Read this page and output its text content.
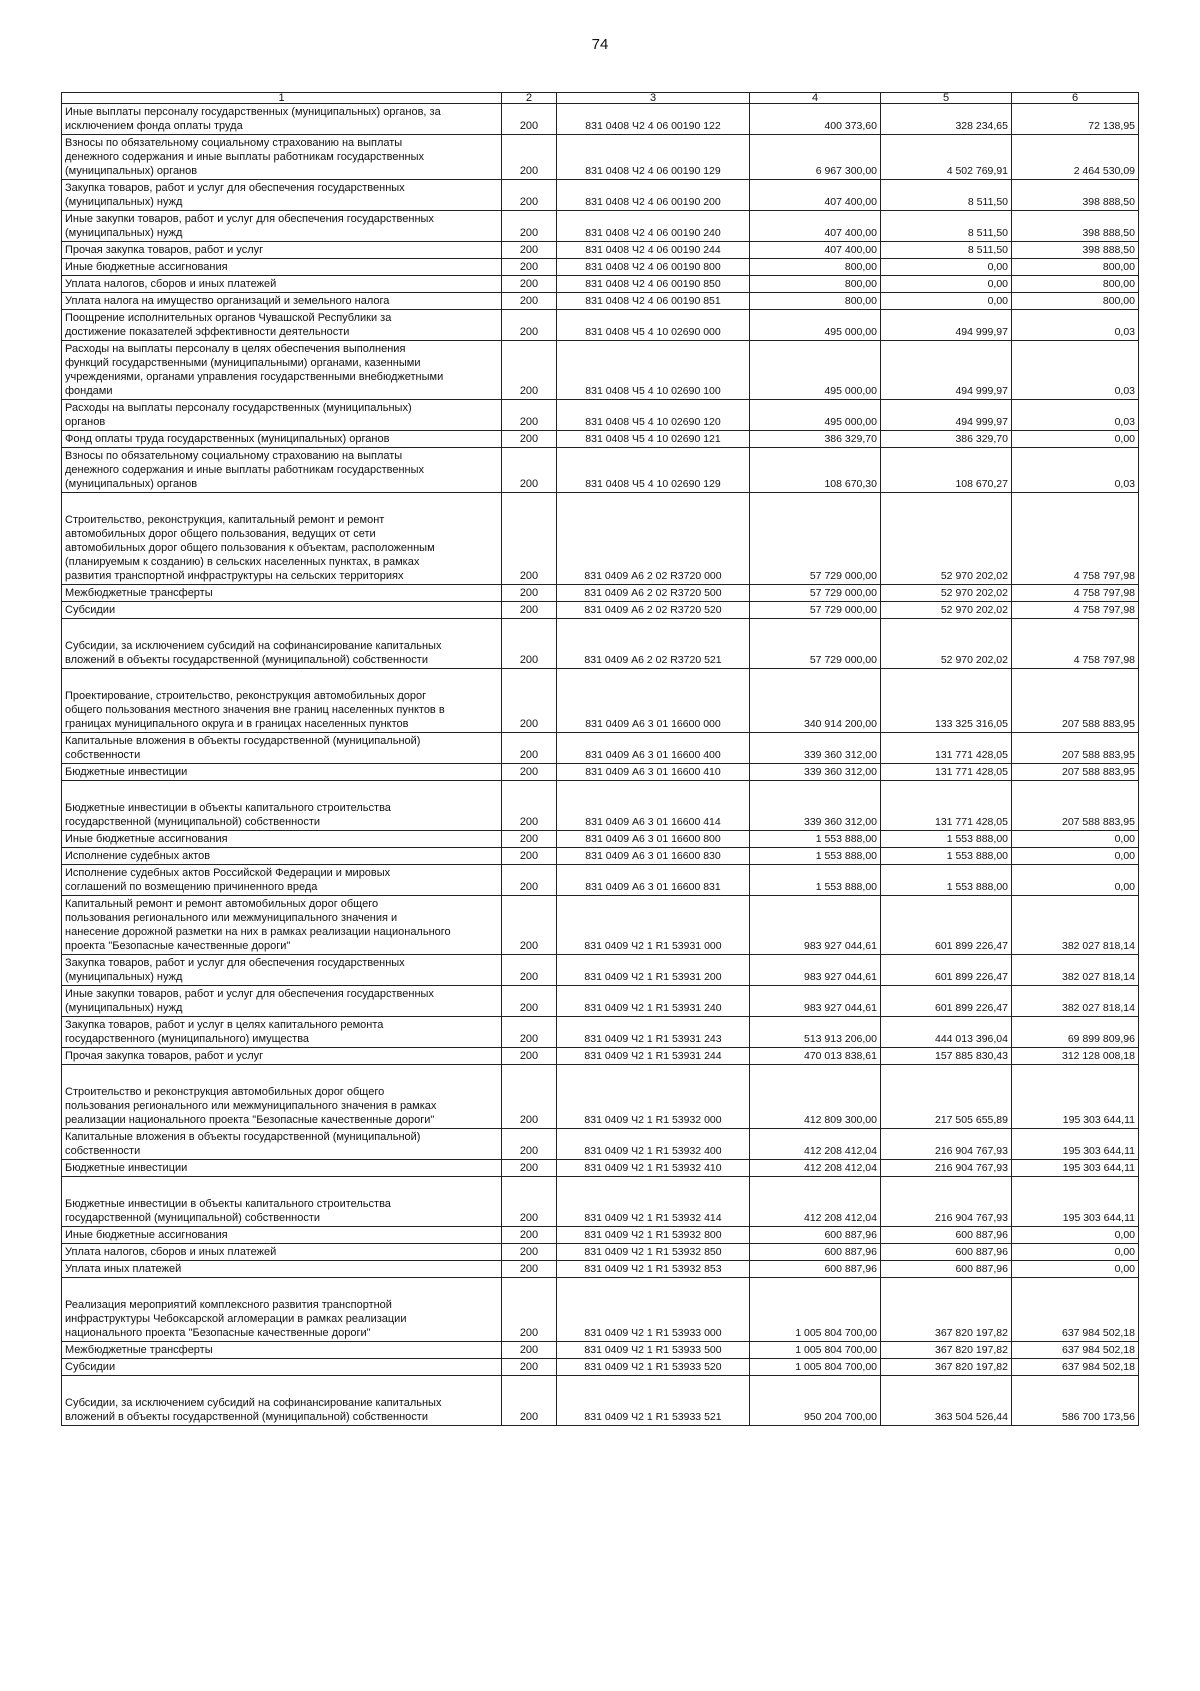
74
1	2	3	4	5	6
Иные выплаты персоналу государственных (муниципальных) органов, за
исключением фонда оплаты труда	200	831 0408 Ч2 4 06 00190 122	400 373,60	328 234,65	72 138,95
Взносы по обязательному социальному страхованию на выплаты
денежного содержания и иные выплаты работникам государственных
(муниципальных) органов	200	831 0408 Ч2 4 06 00190 129	6 967 300,00	4 502 769,91	2 464 530,09
Закупка товаров, работ и услуг для обеспечения государственных
(муниципальных) нужд	200	831 0408 Ч2 4 06 00190 200	407 400,00	8 511,50	398 888,50
Иные закупки товаров, работ и услуг для обеспечения государственных
(муниципальных) нужд	200	831 0408 Ч2 4 06 00190 240	407 400,00	8 511,50	398 888,50
Прочая закупка товаров, работ и услуг	200	831 0408 Ч2 4 06 00190 244	407 400,00	8 511,50	398 888,50
Иные бюджетные ассигнования	200	831 0408 Ч2 4 06 00190 800	800,00	0,00	800,00
Уплата налогов, сборов и иных платежей	200	831 0408 Ч2 4 06 00190 850	800,00	0,00	800,00
Уплата налога на имущество организаций и земельного налога	200	831 0408 Ч2 4 06 00190 851	800,00	0,00	800,00
Поощрение исполнительных органов Чувашской Республики за
достижение показателей эффективности деятельности	200	831 0408 Ч5 4 10 02690 000	495 000,00	494 999,97	0,03
Расходы на выплаты персоналу в целях обеспечения выполнения
функций государственными (муниципальными) органами, казенными
учреждениями, органами управления государственными внебюджетными
фондами	200	831 0408 Ч5 4 10 02690 100	495 000,00	494 999,97	0,03
Расходы на выплаты персоналу государственных (муниципальных)
органов	200	831 0408 Ч5 4 10 02690 120	495 000,00	494 999,97	0,03
Фонд оплаты труда государственных (муниципальных) органов	200	831 0408 Ч5 4 10 02690 121	386 329,70	386 329,70	0,00
Взносы по обязательному социальному страхованию на выплаты
денежного содержания и иные выплаты работникам государственных
(муниципальных) органов	200	831 0408 Ч5 4 10 02690 129	108 670,30	108 670,27	0,03
Строительство, реконструкция, капитальный ремонт и ремонт
автомобильных дорог общего пользования, ведущих от сети
автомобильных дорог общего пользования к объектам, расположенным
(планируемым к созданию) в сельских населенных пунктах, в рамках
развития транспортной инфраструктуры на сельских территориях	200	831 0409 А6 2 02 R3720 000	57 729 000,00	52 970 202,02	4 758 797,98
Межбюджетные трансферты	200	831 0409 А6 2 02 R3720 500	57 729 000,00	52 970 202,02	4 758 797,98
Субсидии	200	831 0409 А6 2 02 R3720 520	57 729 000,00	52 970 202,02	4 758 797,98
Субсидии, за исключением субсидий на софинансирование капитальных
вложений в объекты государственной (муниципальной) собственности	200	831 0409 А6 2 02 R3720 521	57 729 000,00	52 970 202,02	4 758 797,98
Проектирование, строительство, реконструкция автомобильных дорог
общего пользования местного значения вне границ населенных пунктов в
границах муниципального округа и в границах населенных пунктов	200	831 0409 А6 3 01 16600 000	340 914 200,00	133 325 316,05	207 588 883,95
Капитальные вложения в объекты государственной (муниципальной)
собственности	200	831 0409 А6 3 01 16600 400	339 360 312,00	131 771 428,05	207 588 883,95
Бюджетные инвестиции	200	831 0409 А6 3 01 16600 410	339 360 312,00	131 771 428,05	207 588 883,95
Бюджетные инвестиции в объекты капитального строительства
государственной (муниципальной) собственности	200	831 0409 А6 3 01 16600 414	339 360 312,00	131 771 428,05	207 588 883,95
Иные бюджетные ассигнования	200	831 0409 А6 3 01 16600 800	1 553 888,00	1 553 888,00	0,00
Исполнение судебных актов	200	831 0409 А6 3 01 16600 830	1 553 888,00	1 553 888,00	0,00
Исполнение судебных актов Российской Федерации и мировых
соглашений по возмещению причиненного вреда	200	831 0409 А6 3 01 16600 831	1 553 888,00	1 553 888,00	0,00
Капитальный ремонт и ремонт автомобильных дорог общего
пользования регионального или межмуниципального значения и
нанесение дорожной разметки на них в рамках реализации национального
проекта "Безопасные качественные дороги"	200	831 0409 Ч2 1 R1 53931 000	983 927 044,61	601 899 226,47	382 027 818,14
Закупка товаров, работ и услуг для обеспечения государственных
(муниципальных) нужд	200	831 0409 Ч2 1 R1 53931 200	983 927 044,61	601 899 226,47	382 027 818,14
Иные закупки товаров, работ и услуг для обеспечения государственных
(муниципальных) нужд	200	831 0409 Ч2 1 R1 53931 240	983 927 044,61	601 899 226,47	382 027 818,14
Закупка товаров, работ и услуг в целях капитального ремонта
государственного (муниципального) имущества	200	831 0409 Ч2 1 R1 53931 243	513 913 206,00	444 013 396,04	69 899 809,96
Прочая закупка товаров, работ и услуг	200	831 0409 Ч2 1 R1 53931 244	470 013 838,61	157 885 830,43	312 128 008,18
Строительство и реконструкция автомобильных дорог общего
пользования регионального или межмуниципального значения в рамках
реализации национального проекта "Безопасные качественные дороги"	200	831 0409 Ч2 1 R1 53932 000	412 809 300,00	217 505 655,89	195 303 644,11
Капитальные вложения в объекты государственной (муниципальной)
собственности	200	831 0409 Ч2 1 R1 53932 400	412 208 412,04	216 904 767,93	195 303 644,11
Бюджетные инвестиции	200	831 0409 Ч2 1 R1 53932 410	412 208 412,04	216 904 767,93	195 303 644,11
Бюджетные инвестиции в объекты капитального строительства
государственной (муниципальной) собственности	200	831 0409 Ч2 1 R1 53932 414	412 208 412,04	216 904 767,93	195 303 644,11
Иные бюджетные ассигнования	200	831 0409 Ч2 1 R1 53932 800	600 887,96	600 887,96	0,00
Уплата налогов, сборов и иных платежей	200	831 0409 Ч2 1 R1 53932 850	600 887,96	600 887,96	0,00
Уплата иных платежей	200	831 0409 Ч2 1 R1 53932 853	600 887,96	600 887,96	0,00
Реализация мероприятий комплексного развития транспортной
инфраструктуры Чебоксарской агломерации в рамках реализации
национального проекта "Безопасные качественные дороги"	200	831 0409 Ч2 1 R1 53933 000	1 005 804 700,00	367 820 197,82	637 984 502,18
Межбюджетные трансферты	200	831 0409 Ч2 1 R1 53933 500	1 005 804 700,00	367 820 197,82	637 984 502,18
Субсидии	200	831 0409 Ч2 1 R1 53933 520	1 005 804 700,00	367 820 197,82	637 984 502,18
Субсидии, за исключением субсидий на софинансирование капитальных
вложений в объекты государственной (муниципальной) собственности	200	831 0409 Ч2 1 R1 53933 521	950 204 700,00	363 504 526,44	586 700 173,56
